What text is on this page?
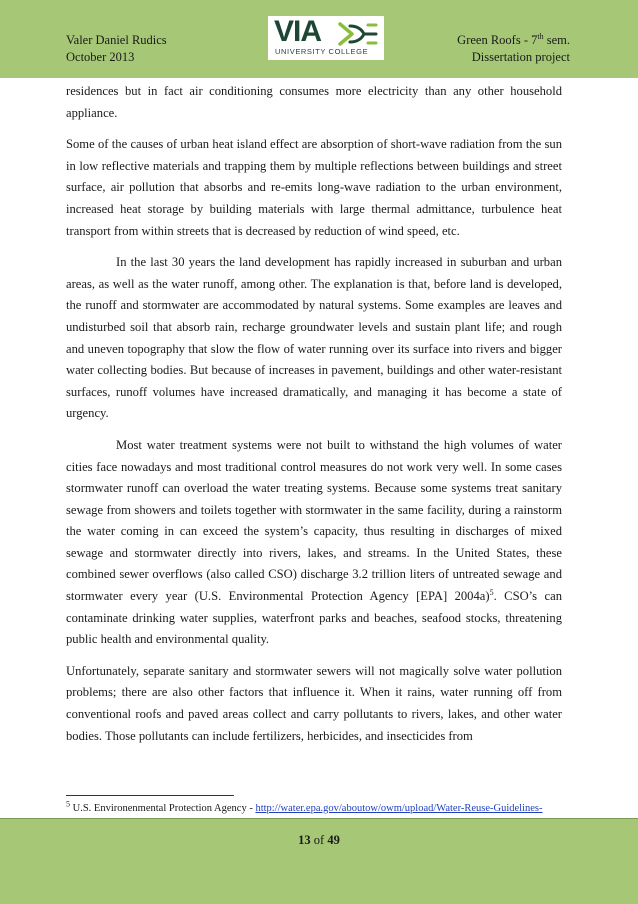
Valer Daniel Rudics
October 2013
VIA
UNIVERSITY COLLEGE
Green Roofs - 7th sem.
Dissertation project

residences but in fact air conditioning consumes more electricity than any other household appliance.

Some of the causes of urban heat island effect are absorption of short-wave radiation from the sun in low reflective materials and trapping them by multiple reflections between buildings and street surface, air pollution that absorbs and re-emits long-wave radiation to the urban environment, increased heat storage by building materials with large thermal admittance, turbulence heat transport from within streets that is decreased by reduction of wind speed, etc.

In the last 30 years the land development has rapidly increased in suburban and urban areas, as well as the water runoff, among other. The explanation is that, before land is developed, the runoff and stormwater are accommodated by natural systems. Some examples are leaves and undisturbed soil that absorb rain, recharge groundwater levels and sustain plant life; and rough and uneven topography that slow the flow of water running over its surface into rivers and bigger water collecting bodies. But because of increases in pavement, buildings and other water-resistant surfaces, runoff volumes have increased dramatically, and managing it has become a state of urgency.

Most water treatment systems were not built to withstand the high volumes of water cities face nowadays and most traditional control measures do not work very well. In some cases stormwater runoff can overload the water treating systems. Because some systems treat sanitary sewage from showers and toilets together with stormwater in the same facility, during a rainstorm the water coming in can exceed the system’s capacity, thus resulting in discharges of mixed sewage and stormwater directly into rivers, lakes, and streams. In the United States, these combined sewer overflows (also called CSO) discharge 3.2 trillion liters of untreated sewage and stormwater every year (U.S. Environmental Protection Agency [EPA] 2004a)$^5$. CSO’s can contaminate drinking water supplies, waterfront parks and beaches, seafood stocks, threatening public health and environmental quality.

Unfortunately, separate sanitary and stormwater sewers will not magically solve water pollution problems; there are also other factors that influence it. When it rains, water running off from conventional roofs and paved areas collect and carry pollutants to rivers, lakes, and other water bodies. Those pollutants can include fertilizers, herbicides, and insecticides from

$^5$ U.S. Environenmental Protection Agency - http://water.epa.gov/aboutow/owm/upload/Water-Reuse-Guidelines-
13 of 49
